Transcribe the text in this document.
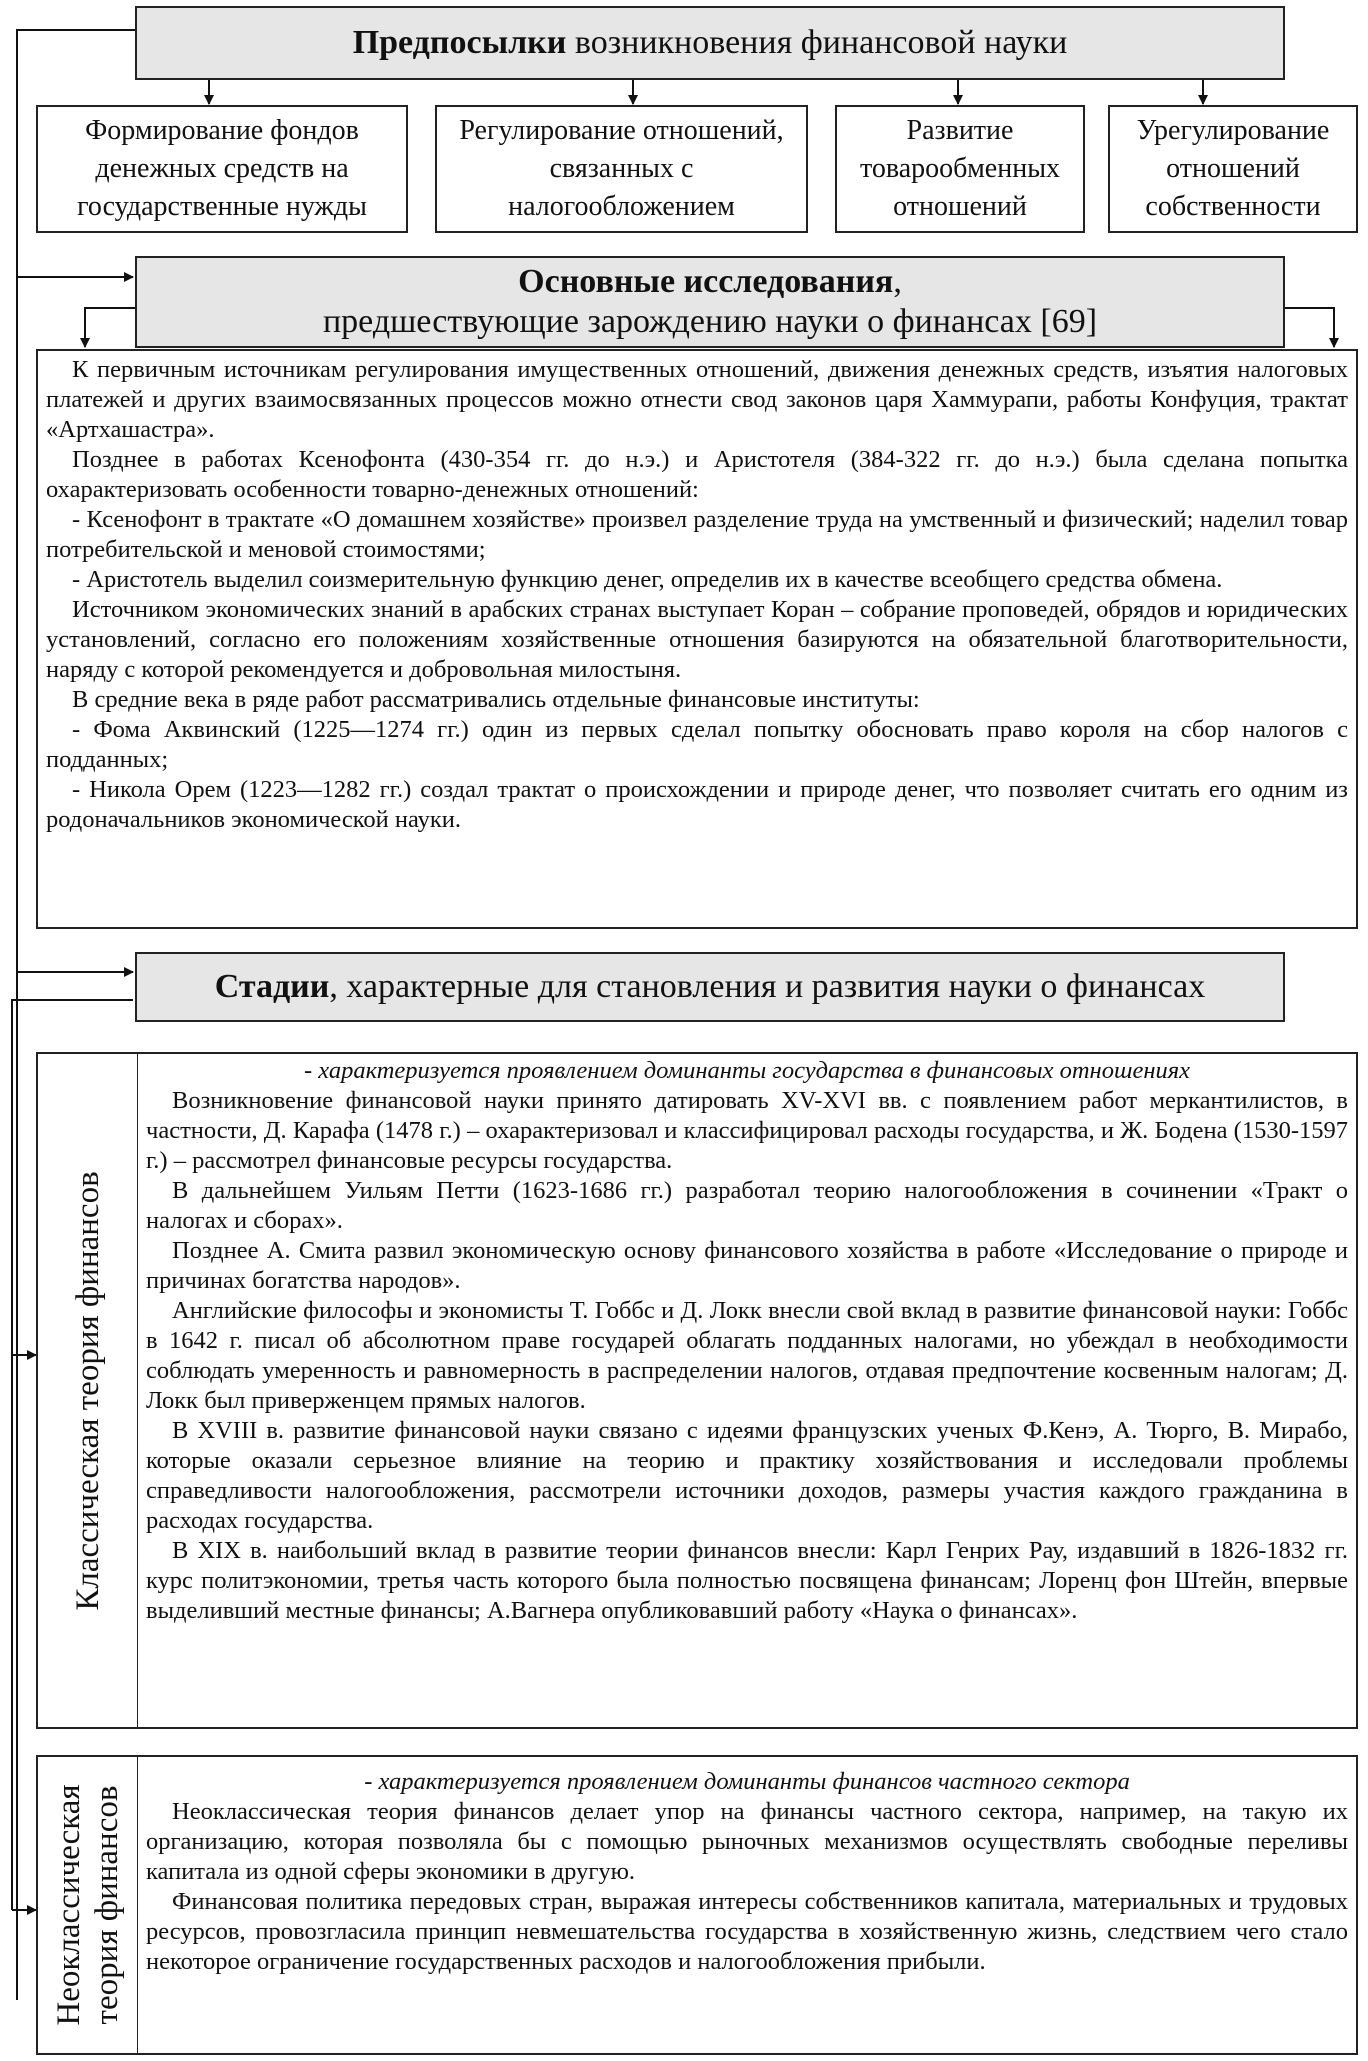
Предпосылки возникновения финансовой науки
Формирование фондов денежных средств на государственные нужды
Регулирование отношений, связанных с налогообложением
Развитие товарообменных отношений
Урегулирование отношений собственности
Основные исследования,
предшествующие зарождению науки о финансах [69]

К первичным источникам регулирования имущественных отношений, движения денежных средств, изъятия налоговых платежей и других взаимосвязанных процессов можно отнести свод законов царя Хаммурапи, работы Конфуция, трактат «Артхашастра».

Позднее в работах Ксенофонта (430-354 гг. до н.э.) и Аристотеля (384-322 гг. до н.э.) была сделана попытка охарактеризовать особенности товарно-денежных отношений:

- Ксенофонт в трактате «О домашнем хозяйстве» произвел разделение труда на умственный и физический; наделил товар потребительской и меновой стоимостями;

- Аристотель выделил соизмерительную функцию денег, определив их в качестве всеобщего средства обмена.

Источником экономических знаний в арабских странах выступает Коран – собрание проповедей, обрядов и юридических установлений, согласно его положениям хозяйственные отношения базируются на обязательной благотворительности, наряду с которой рекомендуется и добровольная милостыня.

В средние века в ряде работ рассматривались отдельные финансовые институты:

- Фома Аквинский (1225—1274 гг.) один из первых сделал попытку обосновать право короля на сбор налогов с подданных;

- Никола Орем (1223—1282 гг.) создал трактат о происхождении и природе денег, что позволяет считать его одним из родоначальников экономической науки.

Стадии, характерные для становления и развития науки о финансах
Классическая теория финансов

- характеризуется проявлением доминанты государства в финансовых отношениях

Возникновение финансовой науки принято датировать XV-XVI вв. с появлением работ меркантилистов, в частности, Д. Карафа (1478 г.) – охарактеризовал и классифицировал расходы государства, и Ж. Бодена (1530-1597 г.) – рассмотрел финансовые ресурсы государства.

В дальнейшем Уильям Петти (1623-1686 гг.) разработал теорию налогообложения в сочинении «Тракт о налогах и сборах».

Позднее А. Смита развил экономическую основу финансового хозяйства в работе «Исследование о природе и причинах богатства народов».

Английские философы и экономисты Т. Гоббс и Д. Локк внесли свой вклад в развитие финансовой науки: Гоббс в 1642 г. писал об абсолютном праве государей облагать подданных налогами, но убеждал в необходимости соблюдать умеренность и равномерность в распределении налогов, отдавая предпочтение косвенным налогам; Д. Локк был приверженцем прямых налогов.

В XVIII в. развитие финансовой науки связано с идеями французских ученых Ф.Кенэ, А. Тюрго, В. Мирабо, которые оказали серьезное влияние на теорию и практику хозяйствования и исследовали проблемы справедливости налогообложения, рассмотрели источники доходов, размеры участия каждого гражданина в расходах государства.

В XIX в. наибольший вклад в развитие теории финансов внесли: Карл Генрих Рау, издавший в 1826-1832 гг. курс политэкономии, третья часть которого была полностью посвящена финансам; Лоренц фон Штейн, впервые выделивший местные финансы; А.Вагнера опубликовавший работу «Наука о финансах».

Неоклассическая теория финансов

- характеризуется проявлением доминанты финансов частного сектора

Неоклассическая теория финансов делает упор на финансы частного сектора, например, на такую их организацию, которая позволяла бы с помощью рыночных механизмов осуществлять свободные переливы капитала из одной сферы экономики в другую.

Финансовая политика передовых стран, выражая интересы собственников капитала, материальных и трудовых ресурсов, провозгласила принцип невмешательства государства в хозяйственную жизнь, следствием чего стало некоторое ограничение государственных расходов и налогообложения прибыли.
